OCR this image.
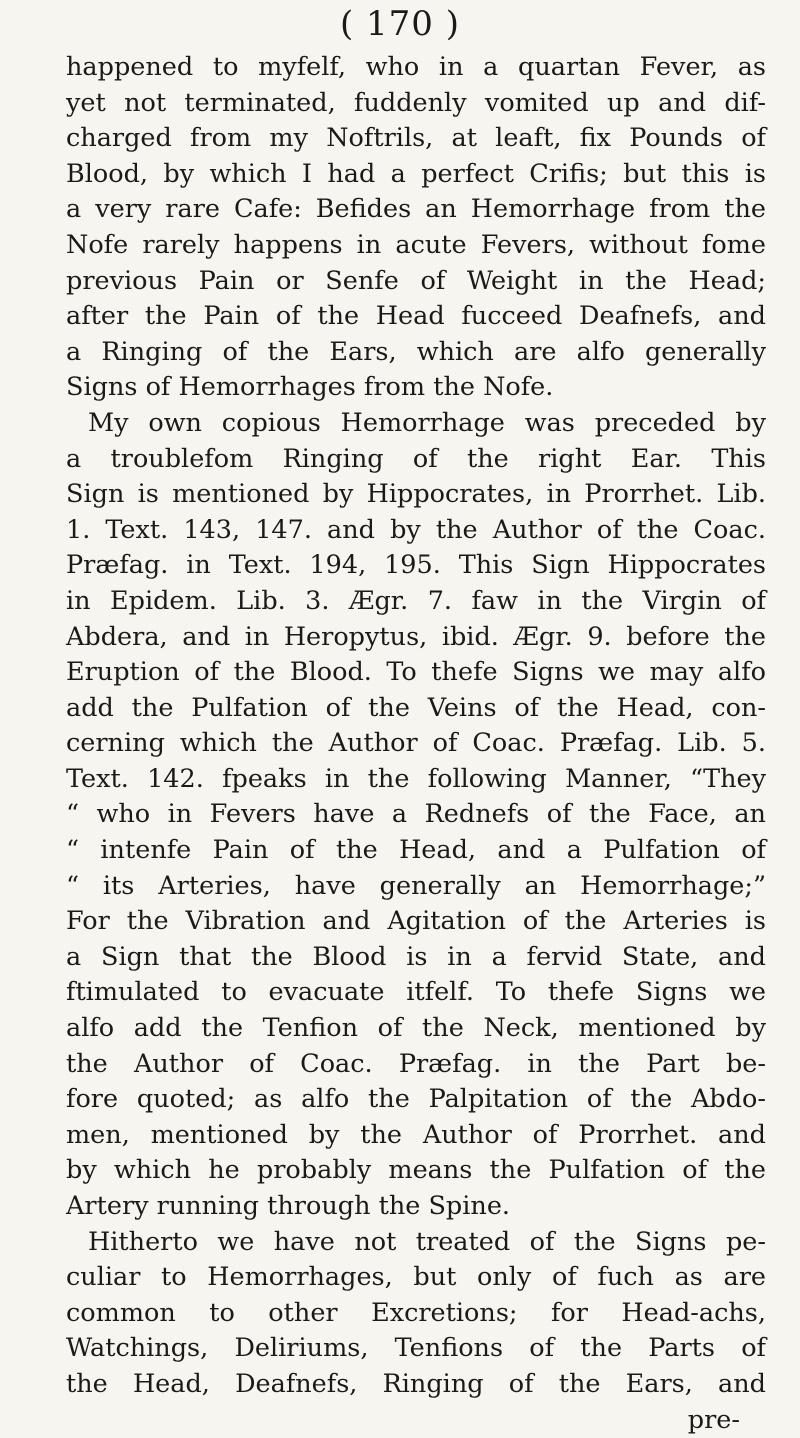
( 170 )
happened to myfelf, who in a quartan Fever, as
yet not terminated, fuddenly vomited up and dif-
charged from my Noftrils, at leaft, fix Pounds of
Blood, by which I had a perfect Crifis; but this is
a very rare Cafe: Befides an Hemorrhage from the
Nofe rarely happens in acute Fevers, without fome
previous Pain or Senfe of Weight in the Head;
after the Pain of the Head fucceed Deafnefs, and
a Ringing of the Ears, which are alfo generally
Signs of Hemorrhages from the Nofe.
My own copious Hemorrhage was preceded by
a troublefom Ringing of the right Ear. This
Sign is mentioned by Hippocrates, in Prorrhet. Lib.
1. Text. 143, 147. and by the Author of the Coac.
Præfag. in Text. 194, 195. This Sign Hippocrates
in Epidem. Lib. 3. Ægr. 7. faw in the Virgin of
Abdera, and in Heropytus, ibid. Ægr. 9. before the
Eruption of the Blood. To thefe Signs we may alfo
add the Pulfation of the Veins of the Head, con-
cerning which the Author of Coac. Præfag. Lib. 5.
Text. 142. fpeaks in the following Manner, “They
“ who in Fevers have a Rednefs of the Face, an
“ intenfe Pain of the Head, and a Pulfation of
“ its Arteries, have generally an Hemorrhage;”
For the Vibration and Agitation of the Arteries is
a Sign that the Blood is in a fervid State, and
ftimulated to evacuate itfelf. To thefe Signs we
alfo add the Tenfion of the Neck, mentioned by
the Author of Coac. Præfag. in the Part be-
fore quoted; as alfo the Palpitation of the Abdo-
men, mentioned by the Author of Prorrhet. and
by which he probably means the Pulfation of the
Artery running through the Spine.
Hitherto we have not treated of the Signs pe-
culiar to Hemorrhages, but only of fuch as are
common to other Excretions; for Head-achs,
Watchings, Deliriums, Tenfions of the Parts of
the Head, Deafnefs, Ringing of the Ears, and
pre-
